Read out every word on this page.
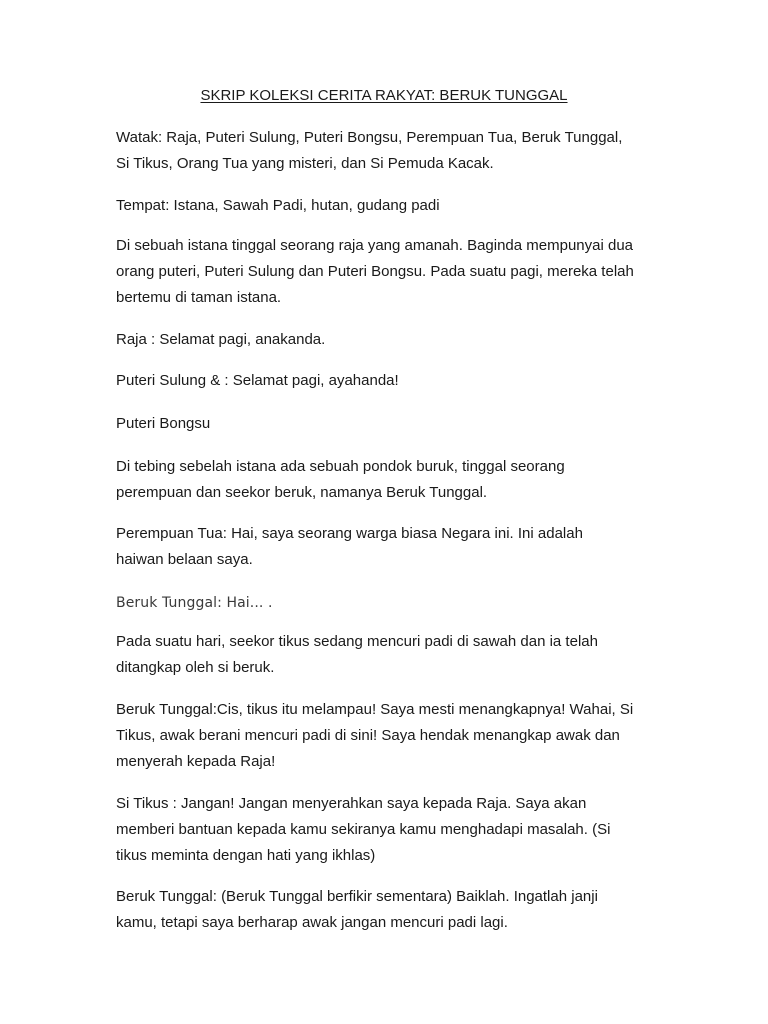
SKRIP KOLEKSI CERITA RAKYAT: BERUK TUNGGAL

Watak: Raja, Puteri Sulung, Puteri Bongsu, Perempuan Tua, Beruk Tunggal,
Si Tikus, Orang Tua yang misteri, dan Si Pemuda Kacak.

Tempat: Istana, Sawah Padi, hutan, gudang padi

Di sebuah istana tinggal seorang raja yang amanah. Baginda mempunyai dua
orang puteri, Puteri Sulung dan Puteri Bongsu. Pada suatu pagi, mereka telah
bertemu di taman istana.

Raja : Selamat pagi, anakanda.

Puteri Sulung & : Selamat pagi, ayahanda!

Puteri Bongsu

Di tebing sebelah istana ada sebuah pondok buruk, tinggal seorang
perempuan dan seekor beruk, namanya Beruk Tunggal.

Perempuan Tua: Hai, saya seorang warga biasa Negara ini. Ini adalah
haiwan belaan saya.

Beruk Tunggal: Hai... .

Pada suatu hari, seekor tikus sedang mencuri padi di sawah dan ia telah
ditangkap oleh si beruk.

Beruk Tunggal:Cis, tikus itu melampau! Saya mesti menangkapnya! Wahai, Si
Tikus, awak berani mencuri padi di sini! Saya hendak menangkap awak dan
menyerah kepada Raja!

Si Tikus : Jangan! Jangan menyerahkan saya kepada Raja. Saya akan
memberi bantuan kepada kamu sekiranya kamu menghadapi masalah. (Si
tikus meminta dengan hati yang ikhlas)

Beruk Tunggal: (Beruk Tunggal berfikir sementara) Baiklah. Ingatlah janji
kamu, tetapi saya berharap awak jangan mencuri padi lagi.
